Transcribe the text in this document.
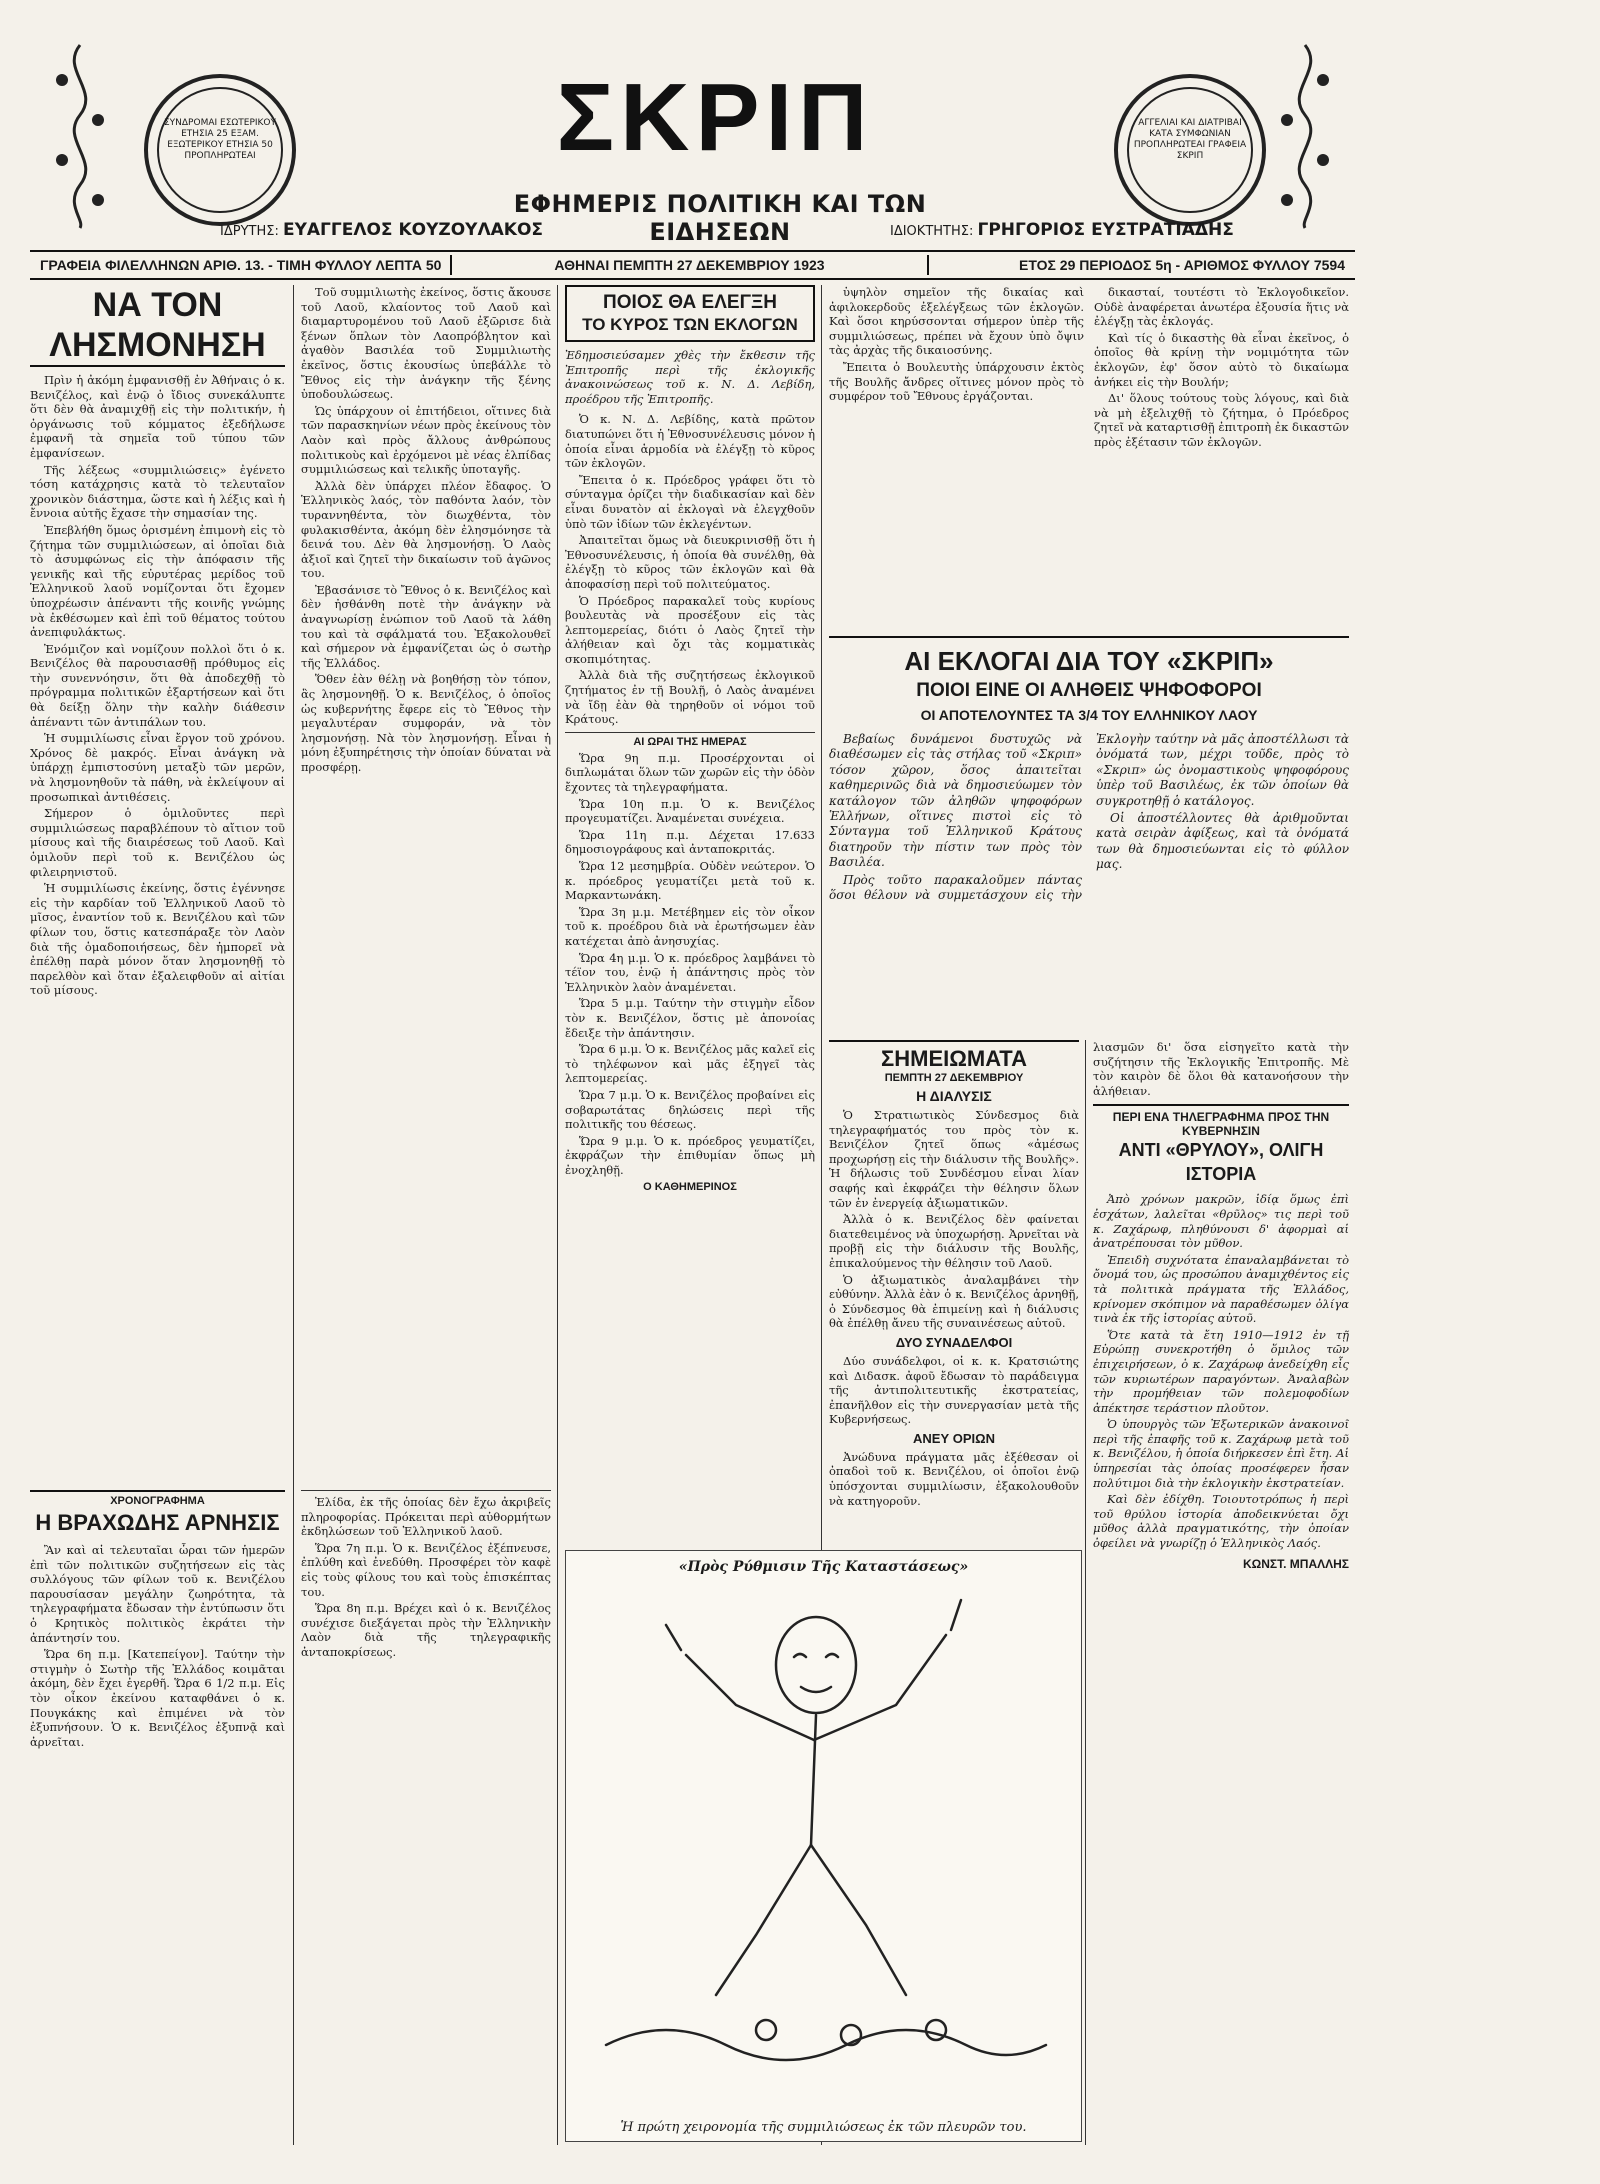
ΣΥΝΔΡΟΜΑΙ ΕΣΩΤΕΡΙΚΟΥ ΕΤΗΣΙΑ 25 ΕΞΑΜ. ΕΞΩΤΕΡΙΚΟΥ ΕΤΗΣΙΑ 50 ΠΡΟΠΛΗΡΩΤΕΑΙ	ΣΚΡΙΠ
ΕΦΗΜΕΡΙΣ ΠΟΛΙΤΙΚΗ ΚΑΙ ΤΩΝ ΕΙΔΗΣΕΩΝ
ΑΓΓΕΛΙΑΙ ΚΑΙ ΔΙΑΤΡΙΒΑΙ ΚΑΤΑ ΣΥΜΦΩΝΙΑΝ ΠΡΟΠΛΗΡΩΤΕΑΙ ΓΡΑΦΕΙΑ ΣΚΡΙΠ
ΙΔΡΥΤΗΣ: ΕΥΑΓΓΕΛΟΣ ΚΟΥΖΟΥΛΑΚΟΣ	ΙΔΙΟΚΤΗΤΗΣ: ΓΡΗΓΟΡΙΟΣ ΕΥΣΤΡΑΤΙΑΔΗΣ
ΓΡΑΦΕΙΑ ΦΙΛΕΛΛΗΝΩΝ ΑΡΙΘ. 13. - ΤΙΜΗ ΦΥΛΛΟΥ ΛΕΠΤΑ 50	ΑΘΗΝΑΙ ΠΕΜΠΤΗ 27 ΔΕΚΕΜΒΡΙΟΥ 1923	ΕΤΟΣ 29 ΠΕΡΙΟΔΟΣ 5η - ΑΡΙΘΜΟΣ ΦΥΛΛΟΥ 7594
ΝΑ ΤΟΝ ΛΗΣΜΟΝΗΣΗ

Πρὶν ἡ ἀκόμη ἐμφανισθῇ ἐν Ἀθήναις ὁ κ. Βενιζέλος, καὶ ἐνῷ ὁ ἴδιος συνεκάλυπτε ὅτι δὲν θὰ ἀναμιχθῇ εἰς τὴν πολιτικήν, ἡ ὀργάνωσις τοῦ κόμματος ἐξεδήλωσε ἐμφανῆ τὰ σημεῖα τοῦ τύπου τῶν ἐμφανίσεων.

Τῆς λέξεως «συμμιλιώσεις» ἐγένετο τόση κατάχρησις κατὰ τὸ τελευταῖον χρονικὸν διάστημα, ὥστε καὶ ἡ λέξις καὶ ἡ ἔννοια αὐτῆς ἔχασε τὴν σημασίαν της.

Ἐπεβλήθη ὅμως ὀρισμένη ἐπιμονὴ εἰς τὸ ζήτημα τῶν συμμιλιώσεων, αἱ ὁποῖαι διὰ τὸ ἀσυμφώνως εἰς τὴν ἀπόφασιν τῆς γενικῆς καὶ τῆς εὐρυτέρας μερίδος τοῦ Ἑλληνικοῦ λαοῦ νομίζονται ὅτι ἔχομεν ὑποχρέωσιν ἀπέναντι τῆς κοινῆς γνώμης νὰ ἐκθέσωμεν καὶ ἐπὶ τοῦ θέματος τούτου ἀνεπιφυλάκτως.

Ἐνόμιζον καὶ νομίζουν πολλοὶ ὅτι ὁ κ. Βενιζέλος θὰ παρουσιασθῇ πρόθυμος εἰς τὴν συνεννόησιν, ὅτι θὰ ἀποδεχθῇ τὸ πρόγραμμα πολιτικῶν ἐξαρτήσεων καὶ ὅτι θὰ δείξῃ ὅλην τὴν καλὴν διάθεσιν ἀπέναντι τῶν ἀντιπάλων του.

Ἡ συμμιλίωσις εἶναι ἔργον τοῦ χρόνου. Χρόνος δὲ μακρός. Εἶναι ἀνάγκη νὰ ὑπάρχῃ ἐμπιστοσύνη μεταξὺ τῶν μερῶν, νὰ λησμονηθοῦν τὰ πάθη, νὰ ἐκλείψουν αἱ προσωπικαὶ ἀντιθέσεις.

Σήμερον ὁ ὁμιλοῦντες περὶ συμμιλιώσεως παραβλέπουν τὸ αἴτιον τοῦ μίσους καὶ τῆς διαιρέσεως τοῦ Λαοῦ. Καὶ ὁμιλοῦν περὶ τοῦ κ. Βενιζέλου ὡς φιλειρηνιστοῦ.

Ἡ συμμιλίωσις ἐκείνης, ὅστις ἐγέννησε εἰς τὴν καρδίαν τοῦ Ἑλληνικοῦ Λαοῦ τὸ μῖσος, ἐναντίον τοῦ κ. Βενιζέλου καὶ τῶν φίλων του, ὅστις κατεσπάραξε τὸν Λαὸν διὰ τῆς ὁμαδοποιήσεως, δὲν ἠμπορεῖ νὰ ἐπέλθῃ παρὰ μόνον ὅταν λησμονηθῇ τὸ παρελθὸν καὶ ὅταν ἐξαλειφθοῦν αἱ αἰτίαι τοῦ μίσους.

ΧΡΟΝΟΓΡΑΦΗΜΑ
Η ΒΡΑΧΩΔΗΣ ΑΡΝΗΣΙΣ

Ἂν καὶ αἱ τελευταῖαι ὧραι τῶν ἡμερῶν ἐπὶ τῶν πολιτικῶν συζητήσεων εἰς τὰς συλλόγους τῶν φίλων τοῦ κ. Βενιζέλου παρουσίασαν μεγάλην ζωηρότητα, τὰ τηλεγραφήματα ἔδωσαν τὴν ἐντύπωσιν ὅτι ὁ Κρητικὸς πολιτικὸς ἐκράτει τὴν ἀπάντησίν του.

Ὥρα 6η π.μ. [Κατεπείγον]. Ταύτην τὴν στιγμὴν ὁ Σωτὴρ τῆς Ἑλλάδος κοιμᾶται ἀκόμη, δὲν ἔχει ἐγερθῆ. Ὥρα 6 1/2 π.μ. Εἰς τὸν οἶκον ἐκείνου καταφθάνει ὁ κ. Πουγκάκης καὶ ἐπιμένει νὰ τὸν ἐξυπνήσουν. Ὁ κ. Βενιζέλος ἐξυπνᾷ καὶ ἀρνεῖται.

Τοῦ συμμιλιωτὴς ἐκείνος, ὅστις ἄκουσε τοῦ Λαοῦ, κλαίοντος τοῦ Λαοῦ καὶ διαμαρτυρομένου τοῦ Λαοῦ ἐξῶρισε διὰ ξένων ὅπλων τὸν Λαοπρόβλητον καὶ ἀγαθὸν Βασιλέα τοῦ Συμμιλιωτὴς ἐκεῖνος, ὅστις ἐκουσίως ὑπεβάλλε τὸ Ἔθνος εἰς τὴν ἀνάγκην τῆς ξένης ὑποδουλώσεως.

Ὡς ὑπάρχουν οἱ ἐπιτήδειοι, οἵτινες διὰ τῶν παρασκηνίων νέων πρὸς ἐκείνους τὸν Λαὸν καὶ πρὸς ἄλλους ἀνθρώπους πολιτικοὺς καὶ ἐρχόμενοι μὲ νέας ἐλπίδας συμμιλιώσεως καὶ τελικῆς ὑποταγῆς.

Ἀλλὰ δὲν ὑπάρχει πλέον ἔδαφος. Ὁ Ἑλληνικὸς λαός, τὸν παθόντα λαόν, τὸν τυραννηθέντα, τὸν διωχθέντα, τὸν φυλακισθέντα, ἀκόμη δὲν ἐλησμόνησε τὰ δεινά του. Δὲν θὰ λησμονήσῃ. Ὁ Λαὸς ἀξιοῖ καὶ ζητεῖ τὴν δικαίωσιν τοῦ ἀγῶνος του.

Ἐβασάνισε τὸ Ἔθνος ὁ κ. Βενιζέλος καὶ δὲν ἠσθάνθη ποτὲ τὴν ἀνάγκην νὰ ἀναγνωρίσῃ ἐνώπιον τοῦ Λαοῦ τὰ λάθη του καὶ τὰ σφάλματά του. Ἐξακολουθεῖ καὶ σήμερον νὰ ἐμφανίζεται ὡς ὁ σωτὴρ τῆς Ἑλλάδος.

Ὅθεν ἐὰν θέλῃ νὰ βοηθήσῃ τὸν τόπον, ἂς λησμονηθῇ. Ὁ κ. Βενιζέλος, ὁ ὁποῖος ὡς κυβερνήτης ἔφερε εἰς τὸ Ἔθνος τὴν μεγαλυτέραν συμφοράν, νὰ τὸν λησμονήσῃ. Νὰ τὸν λησμονήσῃ. Εἶναι ἡ μόνη ἐξυπηρέτησις τὴν ὁποίαν δύναται νὰ προσφέρῃ.

Ἐλίδα, ἐκ τῆς ὁποίας δὲν ἔχω ἀκριβεῖς πληροφορίας. Πρόκειται περὶ αὐθορμήτων ἐκδηλώσεων τοῦ Ἑλληνικοῦ λαοῦ.

Ὥρα 7η π.μ. Ὁ κ. Βενιζέλος ἐξέπνευσε, ἐπλύθη καὶ ἐνεδύθη. Προσφέρει τὸν καφὲ εἰς τοὺς φίλους του καὶ τοὺς ἐπισκέπτας του.

Ὥρα 8η π.μ. Βρέχει καὶ ὁ κ. Βενιζέλος συνέχισε διεξάγεται πρὸς τὴν Ἑλληνικὴν Λαὸν διὰ τῆς τηλεγραφικῆς ἀνταποκρίσεως.

ΠΟΙΟΣ ΘΑ ΕΛΕΓΞΗ
ΤΟ ΚΥΡΟΣ ΤΩΝ ΕΚΛΟΓΩΝ
Ἐδημοσιεύσαμεν χθὲς τὴν ἔκθεσιν τῆς Ἐπιτροπῆς περὶ τῆς ἐκλογικῆς ἀνακοινώσεως τοῦ κ. Ν. Δ. Λεβίδη, προέδρου τῆς Ἐπιτροπῆς.

Ὁ κ. Ν. Δ. Λεβίδης, κατὰ πρῶτον διατυπώνει ὅτι ἡ Ἐθνοσυνέλευσις μόνον ἡ ὁποία εἶναι ἁρμοδία νὰ ἐλέγξῃ τὸ κῦρος τῶν ἐκλογῶν.

Ἔπειτα ὁ κ. Πρόεδρος γράφει ὅτι τὸ σύνταγμα ὁρίζει τὴν διαδικασίαν καὶ δὲν εἶναι δυνατὸν αἱ ἐκλογαὶ νὰ ἐλεγχθοῦν ὑπὸ τῶν ἰδίων τῶν ἐκλεγέντων.

Ἀπαιτεῖται ὅμως νὰ διευκρινισθῇ ὅτι ἡ Ἐθνοσυνέλευσις, ἡ ὁποία θὰ συνέλθῃ, θὰ ἐλέγξῃ τὸ κῦρος τῶν ἐκλογῶν καὶ θὰ ἀποφασίσῃ περὶ τοῦ πολιτεύματος.

Ὁ Πρόεδρος παρακαλεῖ τοὺς κυρίους βουλευτὰς νὰ προσέξουν εἰς τὰς λεπτομερείας, διότι ὁ Λαὸς ζητεῖ τὴν ἀλήθειαν καὶ ὄχι τὰς κομματικὰς σκοπιμότητας.

Ἀλλὰ διὰ τῆς συζητήσεως ἐκλογικοῦ ζητήματος ἐν τῇ Βουλῇ, ὁ Λαὸς ἀναμένει νὰ ἴδῃ ἐὰν θὰ τηρηθοῦν οἱ νόμοι τοῦ Κράτους.

ΑΙ ΩΡΑΙ ΤΗΣ ΗΜΕΡΑΣ

Ὥρα 9η π.μ. Προσέρχονται οἱ διπλωμάται ὅλων τῶν χωρῶν εἰς τὴν ὁδὸν ἔχοντες τὰ τηλεγραφήματα.

Ὥρα 10η π.μ. Ὁ κ. Βενιζέλος προγευματίζει. Ἀναμένεται συνέχεια.

Ὥρα 11η π.μ. Δέχεται 17.633 δημοσιογράφους καὶ ἀνταποκριτάς.

Ὥρα 12 μεσημβρία. Οὐδὲν νεώτερον. Ὁ κ. πρόεδρος γευματίζει μετὰ τοῦ κ. Μαρκαντωνάκη.

Ὥρα 3η μ.μ. Μετέβημεν εἰς τὸν οἶκον τοῦ κ. προέδρου διὰ νὰ ἐρωτήσωμεν ἐὰν κατέχεται ἀπὸ ἀνησυχίας.

Ὥρα 4η μ.μ. Ὁ κ. πρόεδρος λαμβάνει τὸ τέϊον του, ἐνῷ ἡ ἀπάντησις πρὸς τὸν Ἑλληνικὸν λαὸν ἀναμένεται.

Ὥρα 5 μ.μ. Ταύτην τὴν στιγμὴν εἶδον τὸν κ. Βενιζέλον, ὅστις μὲ ἀπονοίας ἔδειξε τὴν ἀπάντησιν.

Ὥρα 6 μ.μ. Ὁ κ. Βενιζέλος μᾶς καλεῖ εἰς τὸ τηλέφωνον καὶ μᾶς ἐξηγεῖ τὰς λεπτομερείας.

Ὥρα 7 μ.μ. Ὁ κ. Βενιζέλος προβαίνει εἰς σοβαρωτάτας δηλώσεις περὶ τῆς πολιτικῆς του θέσεως.

Ὥρα 9 μ.μ. Ὁ κ. πρόεδρος γευματίζει, ἐκφράζων τὴν ἐπιθυμίαν ὅπως μὴ ἐνοχληθῇ.

Ο ΚΑΘΗΜΕΡΙΝΟΣ
«Πρὸς Ρύθμισιν Τῆς Καταστάσεως»
Ἡ πρώτη χειρονομία τῆς συμμιλιώσεως ἐκ τῶν πλευρῶν του.

ὑψηλὸν σημεῖον τῆς δικαίας καὶ ἀφιλοκερδοῦς ἐξελέγξεως τῶν ἐκλογῶν. Καὶ ὅσοι κηρύσσονται σήμερον ὑπὲρ τῆς συμμιλιώσεως, πρέπει νὰ ἔχουν ὑπὸ ὄψιν τὰς ἀρχὰς τῆς δικαιοσύνης.

Ἔπειτα ὁ Βουλευτὴς ὑπάρχουσιν ἐκτὸς τῆς Βουλῆς ἄνδρες οἵτινες μόνον πρὸς τὸ συμφέρον τοῦ Ἔθνους ἐργάζονται.

δικασταί, τουτέστι τὸ Ἐκλογοδικεῖον. Οὐδὲ ἀναφέρεται ἀνωτέρα ἐξουσία ἥτις νὰ ἐλέγξῃ τὰς ἐκλογάς.

Καὶ τίς ὁ δικαστὴς θὰ εἶναι ἐκεῖνος, ὁ ὁποῖος θὰ κρίνῃ τὴν νομιμότητα τῶν ἐκλογῶν, ἐφ' ὅσον αὐτὸ τὸ δικαίωμα ἀνήκει εἰς τὴν Βουλήν;

Δι' ὅλους τούτους τοὺς λόγους, καὶ διὰ νὰ μὴ ἐξελιχθῇ τὸ ζήτημα, ὁ Πρόεδρος ζητεῖ νὰ καταρτισθῇ ἐπιτροπὴ ἐκ δικαστῶν πρὸς ἐξέτασιν τῶν ἐκλογῶν.

ΑΙ ΕΚΛΟΓΑΙ ΔΙΑ ΤΟΥ «ΣΚΡΙΠ»
ΠΟΙΟΙ ΕΙΝΕ ΟΙ ΑΛΗΘΕΙΣ ΨΗΦΟΦΟΡΟΙ
ΟΙ ΑΠΟΤΕΛΟΥΝΤΕΣ ΤΑ 3/4 ΤΟΥ ΕΛΛΗΝΙΚΟΥ ΛΑΟΥ

Βεβαίως δυνάμενοι δυστυχῶς νὰ διαθέσωμεν εἰς τὰς στήλας τοῦ «Σκριπ» τόσον χῶρον, ὅσος ἀπαιτεῖται καθημερινῶς διὰ νὰ δημοσιεύωμεν τὸν κατάλογον τῶν ἀληθῶν ψηφοφόρων Ἑλλήνων, οἵτινες πιστοὶ εἰς τὸ Σύνταγμα τοῦ Ἑλληνικοῦ Κράτους διατηροῦν τὴν πίστιν των πρὸς τὸν Βασιλέα.

Πρὸς τοῦτο παρακαλοῦμεν πάντας ὅσοι θέλουν νὰ συμμετάσχουν εἰς τὴν Ἐκλογὴν ταύτην νὰ μᾶς ἀποστέλλωσι τὰ ὀνόματά των, μέχρι τοῦδε, πρὸς τὸ «Σκριπ» ὡς ὀνομαστικοὺς ψηφοφόρους ὑπὲρ τοῦ Βασιλέως, ἐκ τῶν ὁποίων θὰ συγκροτηθῇ ὁ κατάλογος.

Οἱ ἀποστέλλοντες θὰ ἀριθμοῦνται κατὰ σειρὰν ἀφίξεως, καὶ τὰ ὀνόματά των θὰ δημοσιεύωνται εἰς τὸ φύλλον μας.

ΣΗΜΕΙΩΜΑΤΑ
ΠΕΜΠΤΗ 27 ΔΕΚΕΜΒΡΙΟΥ
Η ΔΙΑΛΥΣΙΣ

Ὁ Στρατιωτικὸς Σύνδεσμος διὰ τηλεγραφήματός του πρὸς τὸν κ. Βενιζέλον ζητεῖ ὅπως «ἀμέσως προχωρήσῃ εἰς τὴν διάλυσιν τῆς Βουλῆς». Ἡ δήλωσις τοῦ Συνδέσμου εἶναι λίαν σαφής καὶ ἐκφράζει τὴν θέλησιν ὅλων τῶν ἐν ἐνεργείᾳ ἀξιωματικῶν.

Ἀλλὰ ὁ κ. Βενιζέλος δὲν φαίνεται διατεθειμένος νὰ ὑποχωρήσῃ. Ἀρνεῖται νὰ προβῇ εἰς τὴν διάλυσιν τῆς Βουλῆς, ἐπικαλούμενος τὴν θέλησιν τοῦ Λαοῦ.

Ὁ ἀξιωματικὸς ἀναλαμβάνει τὴν εὐθύνην. Ἀλλὰ ἐὰν ὁ κ. Βενιζέλος ἀρνηθῇ, ὁ Σύνδεσμος θὰ ἐπιμείνῃ καὶ ἡ διάλυσις θὰ ἐπέλθῃ ἄνευ τῆς συναινέσεως αὐτοῦ.

ΔΥΟ ΣΥΝΑΔΕΛΦΟΙ

Δύο συνάδελφοι, οἱ κ. κ. Κρατσιώτης καὶ Διδασκ. ἀφοῦ ἔδωσαν τὸ παράδειγμα τῆς ἀντιπολιτευτικῆς ἐκστρατείας, ἐπανῆλθον εἰς τὴν συνεργασίαν μετὰ τῆς Κυβερνήσεως.

ΑΝΕΥ ΟΡΙΩΝ

Ἀνώδυνα πράγματα μᾶς ἐξέθεσαν οἱ ὀπαδοὶ τοῦ κ. Βενιζέλου, οἱ ὁποῖοι ἐνῷ ὑπόσχονται συμμιλίωσιν, ἐξακολουθοῦν νὰ κατηγοροῦν.

λιασμῶν δι' ὅσα εἰσηγεῖτο κατὰ τὴν συζήτησιν τῆς Ἐκλογικῆς Ἐπιτροπῆς. Μὲ τὸν καιρὸν δὲ ὅλοι θὰ κατανοήσουν τὴν ἀλήθειαν.
ΠΕΡΙ ΕΝΑ ΤΗΛΕΓΡΑΦΗΜΑ ΠΡΟΣ ΤΗΝ ΚΥΒΕΡΝΗΣΙΝ
ΑΝΤΙ «ΘΡΥΛΟΥ», ΟΛΙΓΗ ΙΣΤΟΡΙΑ

Ἀπὸ χρόνων μακρῶν, ἰδίᾳ ὅμως ἐπὶ ἐσχάτων, λαλεῖται «θρῦλος» τις περὶ τοῦ κ. Ζαχάρωφ, πληθύνουσι δ' ἀφορμαὶ αἱ ἀνατρέπουσαι τὸν μῦθον.

Ἐπειδὴ συχνότατα ἐπαναλαμβάνεται τὸ ὄνομά του, ὡς προσώπου ἀναμιχθέντος εἰς τὰ πολιτικὰ πράγματα τῆς Ἑλλάδος, κρίνομεν σκόπιμον νὰ παραθέσωμεν ὀλίγα τινὰ ἐκ τῆς ἱστορίας αὐτοῦ.

Ὅτε κατὰ τὰ ἔτη 1910—1912 ἐν τῇ Εὐρώπῃ συνεκροτήθη ὁ ὅμιλος τῶν ἐπιχειρήσεων, ὁ κ. Ζαχάρωφ ἀνεδείχθη εἷς τῶν κυριωτέρων παραγόντων. Ἀναλαβὼν τὴν προμήθειαν τῶν πολεμοφοδίων ἀπέκτησε τεράστιον πλοῦτον.

Ὁ ὑπουργὸς τῶν Ἐξωτερικῶν ἀνακοινοῖ περὶ τῆς ἐπαφῆς τοῦ κ. Ζαχάρωφ μετὰ τοῦ κ. Βενιζέλου, ἡ ὁποία διήρκεσεν ἐπὶ ἔτη. Αἱ ὑπηρεσίαι τὰς ὁποίας προσέφερεν ἦσαν πολύτιμοι διὰ τὴν ἐκλογικὴν ἐκστρατείαν.

Καὶ δὲν ἐδίχθη. Τοιουτοτρόπως ἡ περὶ τοῦ θρύλου ἱστορία ἀποδεικνύεται ὄχι μῦθος ἀλλὰ πραγματικότης, τὴν ὁποίαν ὀφείλει νὰ γνωρίζῃ ὁ Ἑλληνικὸς Λαός.

ΚΩΝΣΤ. ΜΠΑΛΛΗΣ
